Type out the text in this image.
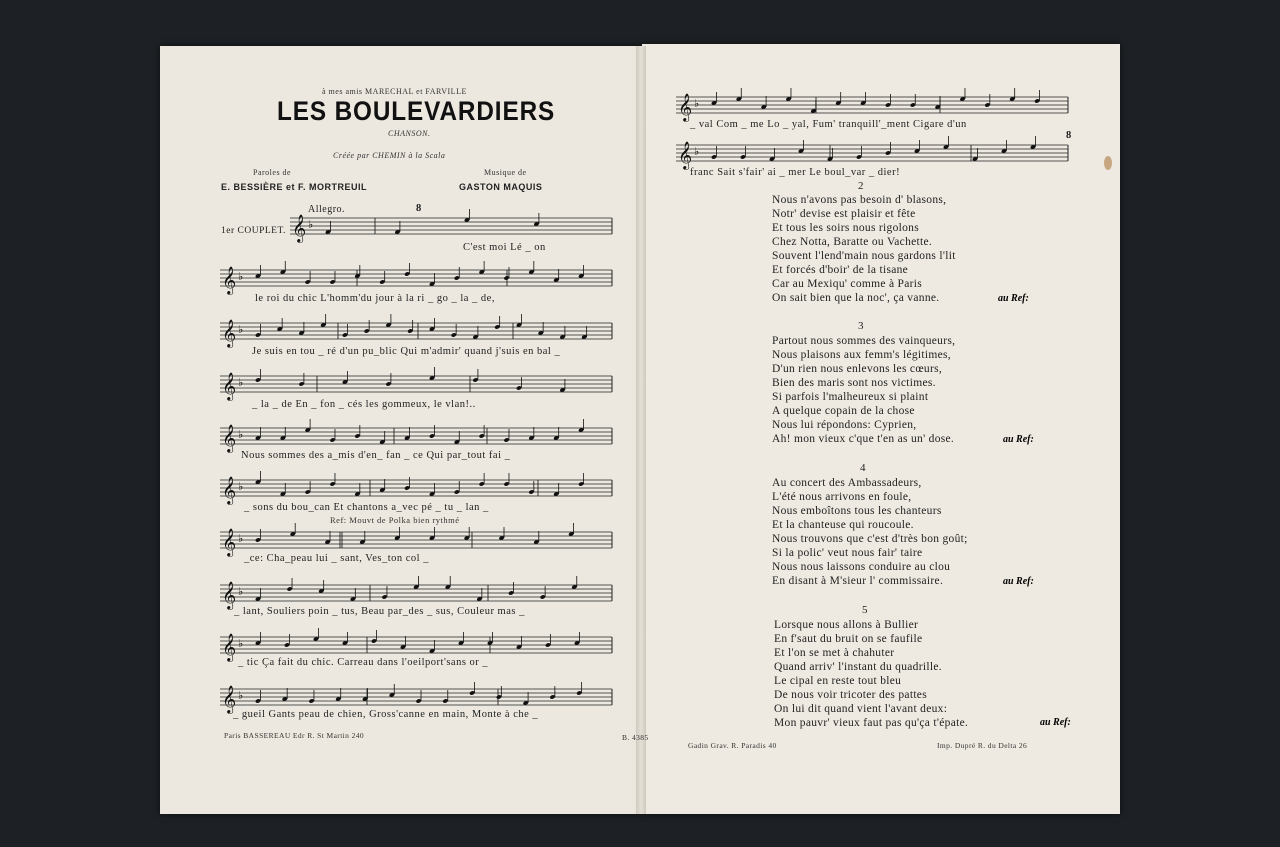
à mes amis MARECHAL et FARVILLE
LES BOULEVARDIERS
CHANSON.
Créée par CHEMIN à la Scala
Paroles de
E. BESSIÈRE et F. MORTREUIL
Musique de
GASTON MAQUIS
Allegro.	8
1er COUPLET.
Ref: Mouvt de Polka bien rythmé
𝄞 ♭
𝄞 ♭
𝄞 ♭
𝄞 ♭
𝄞 ♭
𝄞 ♭
𝄞 ♭
𝄞 ♭
𝄞 ♭
𝄞 ♭
𝄞 ♭
𝄞 ♭
C'est moi Lé _ on
le roi du chic L'homm'du jour à la ri _ go _ la _ de,
Je suis en tou _ ré d'un pu_blic Qui m'admir' quand j'suis en bal _
_ la _ de En _ fon _ cés les gommeux, le vlan!..
Nous sommes des a_mis d'en_ fan _ ce Qui par_tout fai _
_ sons du bou_can Et chantons a_vec pé _ tu _ lan _
_ce: Cha_peau lui _ sant, Ves_ton col _
_ lant, Souliers poin _ tus, Beau par_des _ sus, Couleur mas _
_ tic Ça fait du chic. Carreau dans l'oeilport'sans or _
_ gueil Gants peau de chien, Gross'canne en main, Monte à che _
Paris BASSEREAU Edr R. St Martin 240	B. 4385
_ val Com _ me Lo _ yal, Fum' tranquill'_ment Cigare d'un
franc Sait s'fair' ai _ mer Le boul_var _ dier!
8
2
Nous n'avons pas besoin d' blasons,
Notr' devise est plaisir et fête
Et tous les soirs nous rigolons
Chez Notta, Baratte ou Vachette.
Souvent l'lend'main nous gardons l'lit
Et forcés d'boir' de la tisane
Car au Mexiqu' comme à Paris
On sait bien que la noc', ça vanne.	au Ref:
3
Partout nous sommes des vainqueurs,
Nous plaisons aux femm's légitimes,
D'un rien nous enlevons les cœurs,
Bien des maris sont nos victimes.
Si parfois l'malheureux si plaint
A quelque copain de la chose
Nous lui répondons: Cyprien,
Ah! mon vieux c'que t'en as un' dose.	au Ref:
4
Au concert des Ambassadeurs,
L'été nous arrivons en foule,
Nous emboîtons tous les chanteurs
Et la chanteuse qui roucoule.
Nous trouvons que c'est d'très bon goût;
Si la polic' veut nous fair' taire
Nous nous laissons conduire au clou
En disant à M'sieur l' commissaire.	au Ref:
5
Lorsque nous allons à Bullier
En f'saut du bruit on se faufile
Et l'on se met à chahuter
Quand arriv' l'instant du quadrille.
Le cipal en reste tout bleu
De nous voir tricoter des pattes
On lui dit quand vient l'avant deux:
Mon pauvr' vieux faut pas qu'ça t'épate.	au Ref:
Gadin Grav. R. Paradis 40	Imp. Dupré R. du Delta 26
